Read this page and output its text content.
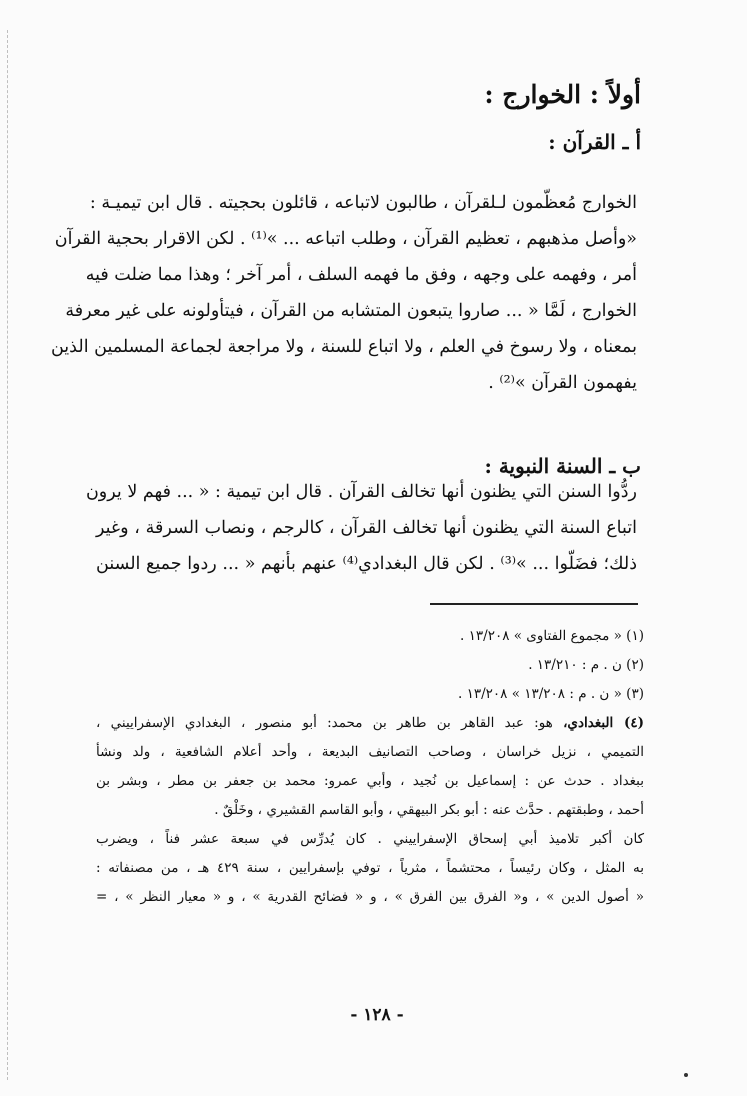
أولاً : الخوارج :
أ ـ القرآن :
الخوارج مُعظّمون لـلقرآن ، طالبون لاتباعه ، قائلون بحجيته . قال ابن تيميـة :
«وأصل مذهبهم ، تعظيم القرآن ، وطلب اتباعه ... »⁽¹⁾ . لكن الاقرار بحجية القرآن
أمر ، وفهمه على وجهه ، وفق ما فهمه السلف ، أمر آخر ؛ وهذا مما ضلت فيه
الخوارج ، لَمَّا « ... صاروا يتبعون المتشابه من القرآن ، فيتأولونه على غير معرفة
بمعناه ، ولا رسوخ في العلم ، ولا اتباع للسنة ، ولا مراجعة لجماعة المسلمين الذين
يفهمون القرآن »⁽²⁾ .
ب ـ السنة النبوية :
ردُّوا السنن التي يظنون أنها تخالف القرآن . قال ابن تيمية : « ... فهم لا يرون
اتباع السنة التي يظنون أنها تخالف القرآن ، كالرجم ، ونصاب السرقة ، وغير
ذلك؛ فضَلّوا ... »⁽³⁾ . لكن قال البغدادي⁽⁴⁾ عنهم بأنهم « ... ردوا جميع السنن
(١) « مجموع الفتاوى » ١٣/٢٠٨ .
(٢) ن . م : ١٣/٢١٠ .
(٣) « ن . م : ١٣/٢٠٨ » ١٣/٢٠٨ .
(٤) البغدادي، هو: عبد القاهر بن طاهر بن محمد: أبو منصور ، البغدادي الإسفراييني ،
التميمي ، نزيل خراسان ، وصاحب التصانيف البديعة ، وأحد أعلام الشافعية ، ولد ونشأ
ببغداد . حدث عن : إسماعيل بن نُجيد ، وأبي عمرو: محمد بن جعفر بن مطر ، وبشر بن
أحمد ، وطبقتهم . حدَّث عنه : أبو بكر البيهقي ، وأبو القاسم القشيري ، وخَلْقٌ .
كان أكبر تلاميذ أبي إسحاق الإسفراييني . كان يُدرِّس في سبعة عشر فناً ، ويضرب
به المثل ، وكان رئيساً ، محتشماً ، مثرياً ، توفي بإسفرايين ، سنة ٤٢٩ هـ ، من مصنفاته :
« أصول الدين » ، و« الفرق بين الفرق » ، و « فضائح القدرية » ، و « معيار النظر » ، =
- ١٢٨ -
